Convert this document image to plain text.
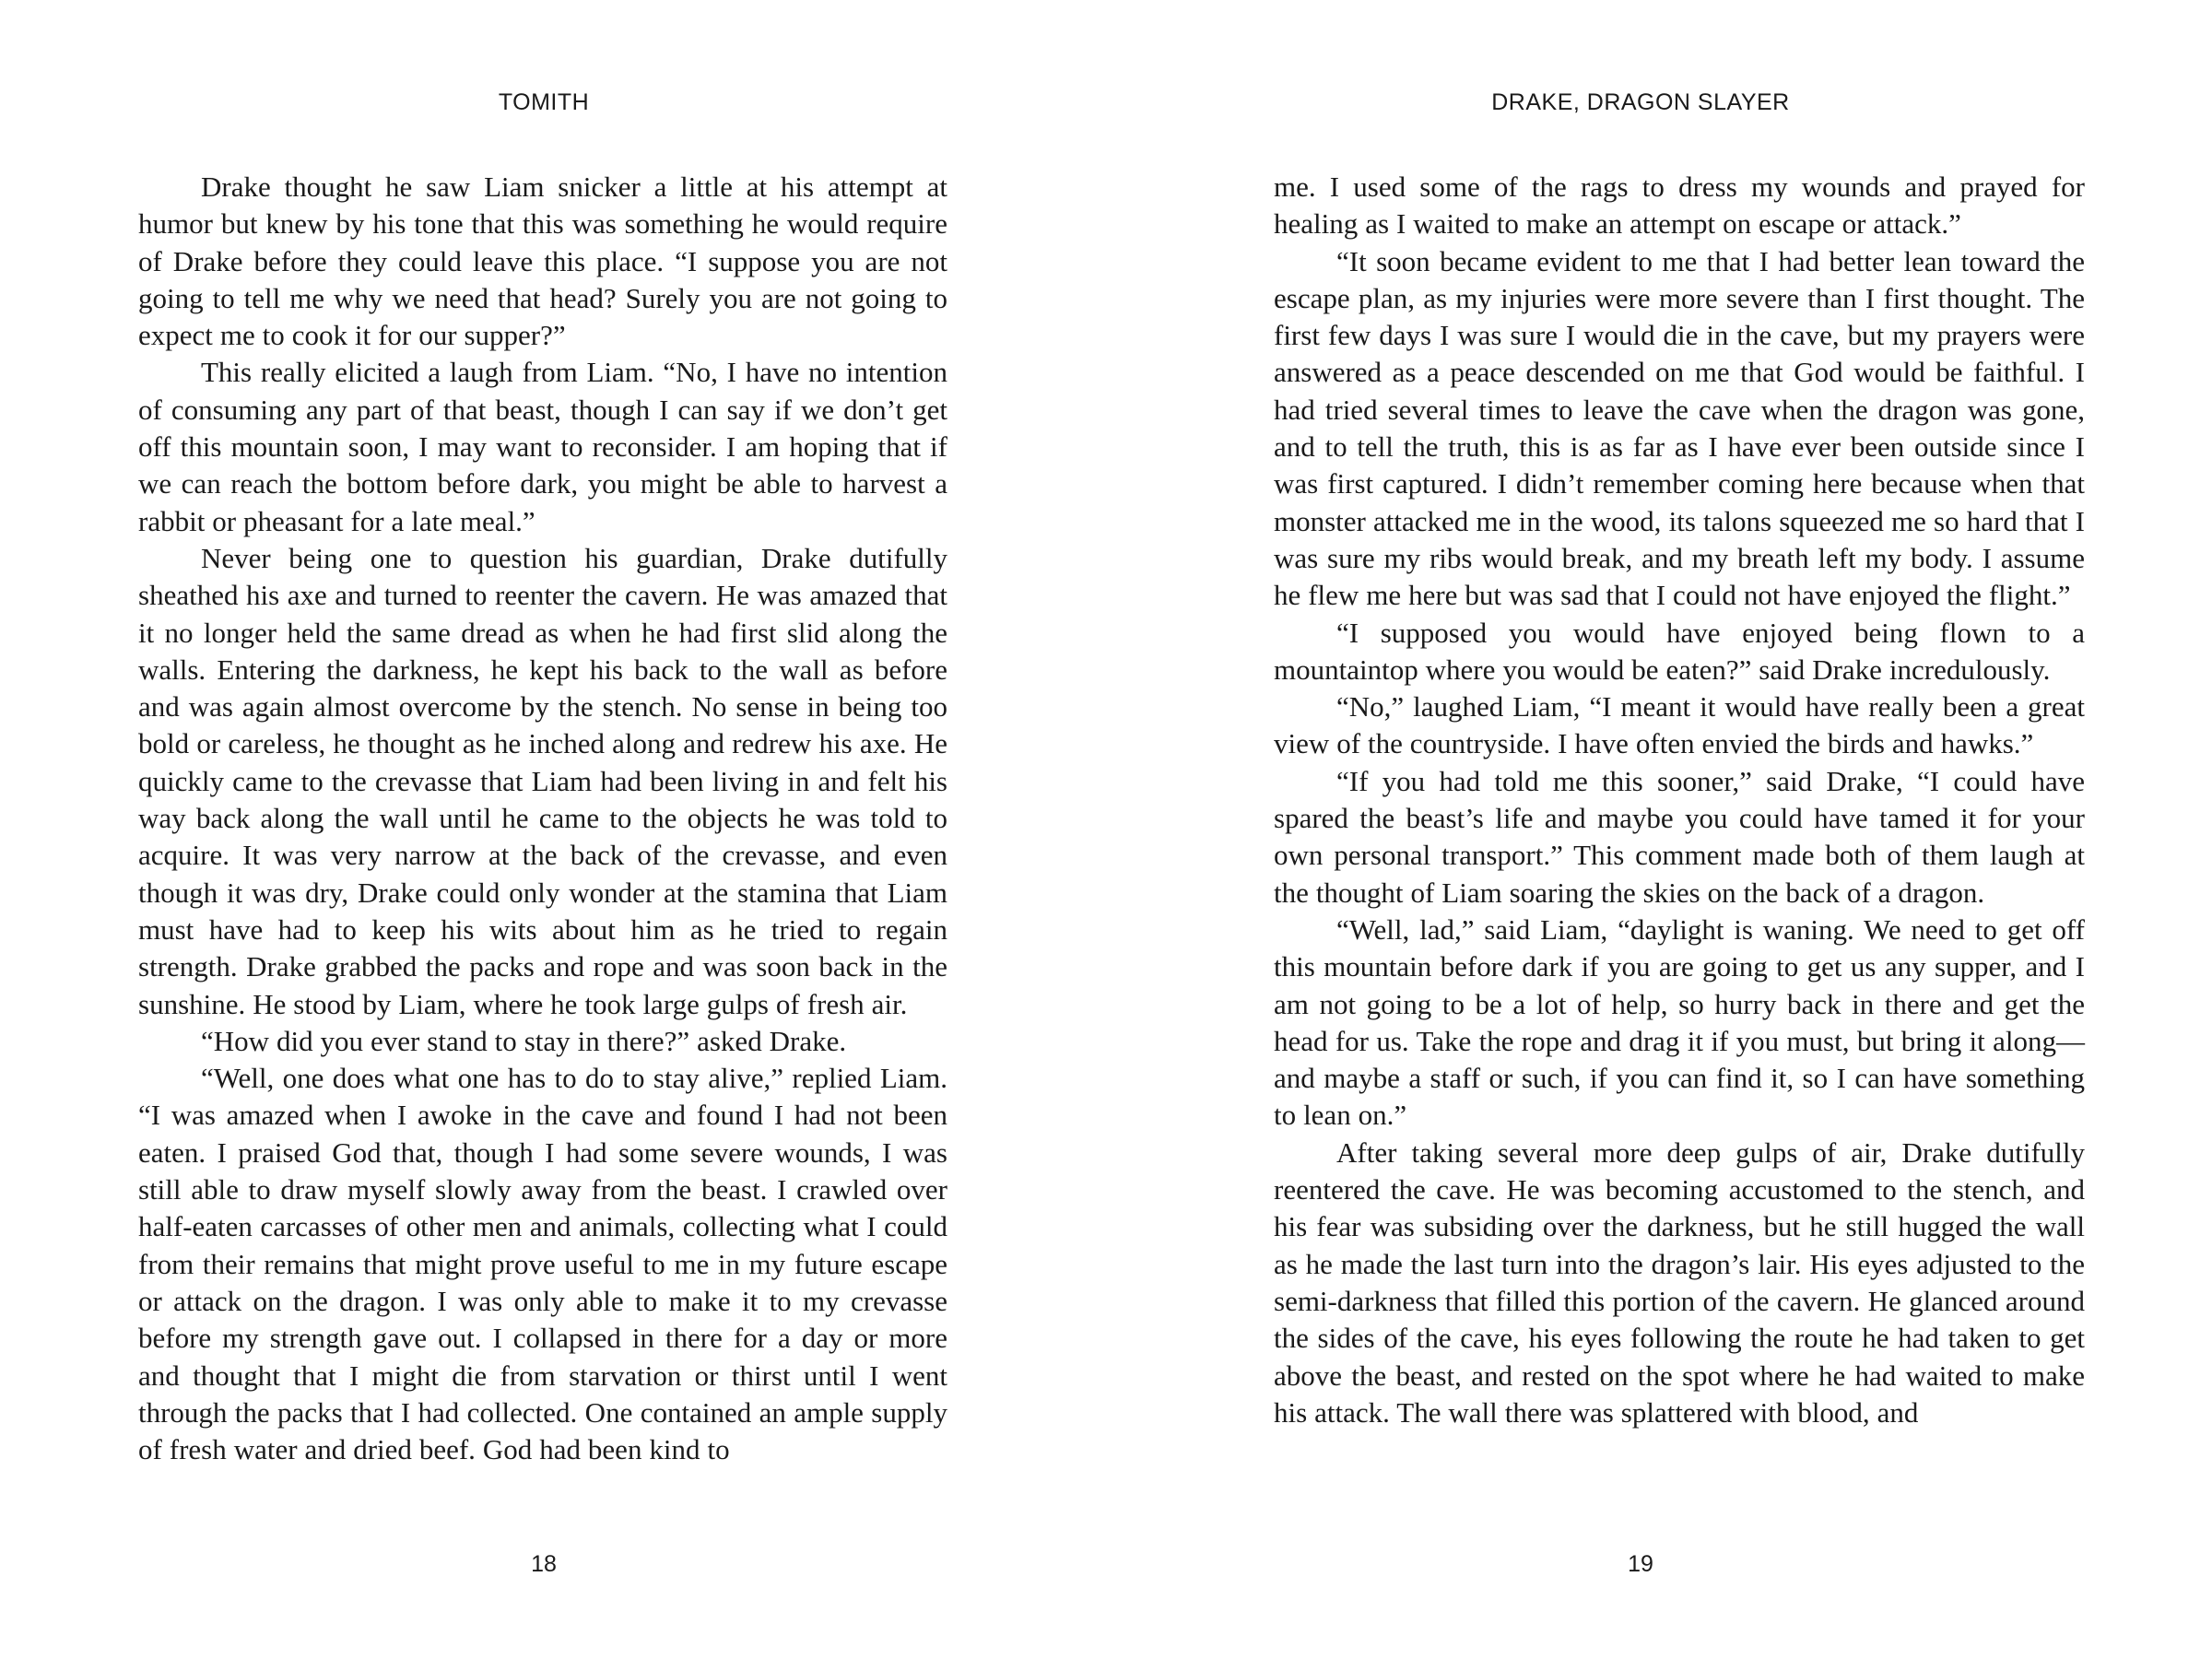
TOMITH

Drake thought he saw Liam snicker a little at his attempt at humor but knew by his tone that this was something he would require of Drake before they could leave this place. “I suppose you are not going to tell me why we need that head? Surely you are not going to expect me to cook it for our supper?”

This really elicited a laugh from Liam. “No, I have no intention of consuming any part of that beast, though I can say if we don’t get off this mountain soon, I may want to reconsider. I am hoping that if we can reach the bottom before dark, you might be able to harvest a rabbit or pheasant for a late meal.”

Never being one to question his guardian, Drake dutifully sheathed his axe and turned to reenter the cavern. He was amazed that it no longer held the same dread as when he had first slid along the walls. Entering the darkness, he kept his back to the wall as before and was again almost overcome by the stench. No sense in being too bold or careless, he thought as he inched along and redrew his axe. He quickly came to the crevasse that Liam had been living in and felt his way back along the wall until he came to the objects he was told to acquire. It was very narrow at the back of the crevasse, and even though it was dry, Drake could only wonder at the stamina that Liam must have had to keep his wits about him as he tried to regain strength. Drake grabbed the packs and rope and was soon back in the sunshine. He stood by Liam, where he took large gulps of fresh air.

“How did you ever stand to stay in there?” asked Drake.

“Well, one does what one has to do to stay alive,” replied Liam. “I was amazed when I awoke in the cave and found I had not been eaten. I praised God that, though I had some severe wounds, I was still able to draw myself slowly away from the beast. I crawled over half-eaten carcasses of other men and animals, collecting what I could from their remains that might prove useful to me in my future escape or attack on the dragon. I was only able to make it to my crevasse before my strength gave out. I collapsed in there for a day or more and thought that I might die from starvation or thirst until I went through the packs that I had collected. One contained an ample supply of fresh water and dried beef. God had been kind to

18
DRAKE, DRAGON SLAYER

me. I used some of the rags to dress my wounds and prayed for healing as I waited to make an attempt on escape or attack.”

“It soon became evident to me that I had better lean toward the escape plan, as my injuries were more severe than I first thought. The first few days I was sure I would die in the cave, but my prayers were answered as a peace descended on me that God would be faithful. I had tried several times to leave the cave when the dragon was gone, and to tell the truth, this is as far as I have ever been outside since I was first captured. I didn’t remember coming here because when that monster attacked me in the wood, its talons squeezed me so hard that I was sure my ribs would break, and my breath left my body. I assume he flew me here but was sad that I could not have enjoyed the flight.”

“I supposed you would have enjoyed being flown to a mountaintop where you would be eaten?” said Drake incredulously.

“No,” laughed Liam, “I meant it would have really been a great view of the countryside. I have often envied the birds and hawks.”

“If you had told me this sooner,” said Drake, “I could have spared the beast’s life and maybe you could have tamed it for your own personal transport.” This comment made both of them laugh at the thought of Liam soaring the skies on the back of a dragon.

“Well, lad,” said Liam, “daylight is waning. We need to get off this mountain before dark if you are going to get us any supper, and I am not going to be a lot of help, so hurry back in there and get the head for us. Take the rope and drag it if you must, but bring it along—and maybe a staff or such, if you can find it, so I can have something to lean on.”

After taking several more deep gulps of air, Drake dutifully reentered the cave. He was becoming accustomed to the stench, and his fear was subsiding over the darkness, but he still hugged the wall as he made the last turn into the dragon’s lair. His eyes adjusted to the semi-darkness that filled this portion of the cavern. He glanced around the sides of the cave, his eyes following the route he had taken to get above the beast, and rested on the spot where he had waited to make his attack. The wall there was splattered with blood, and

19
